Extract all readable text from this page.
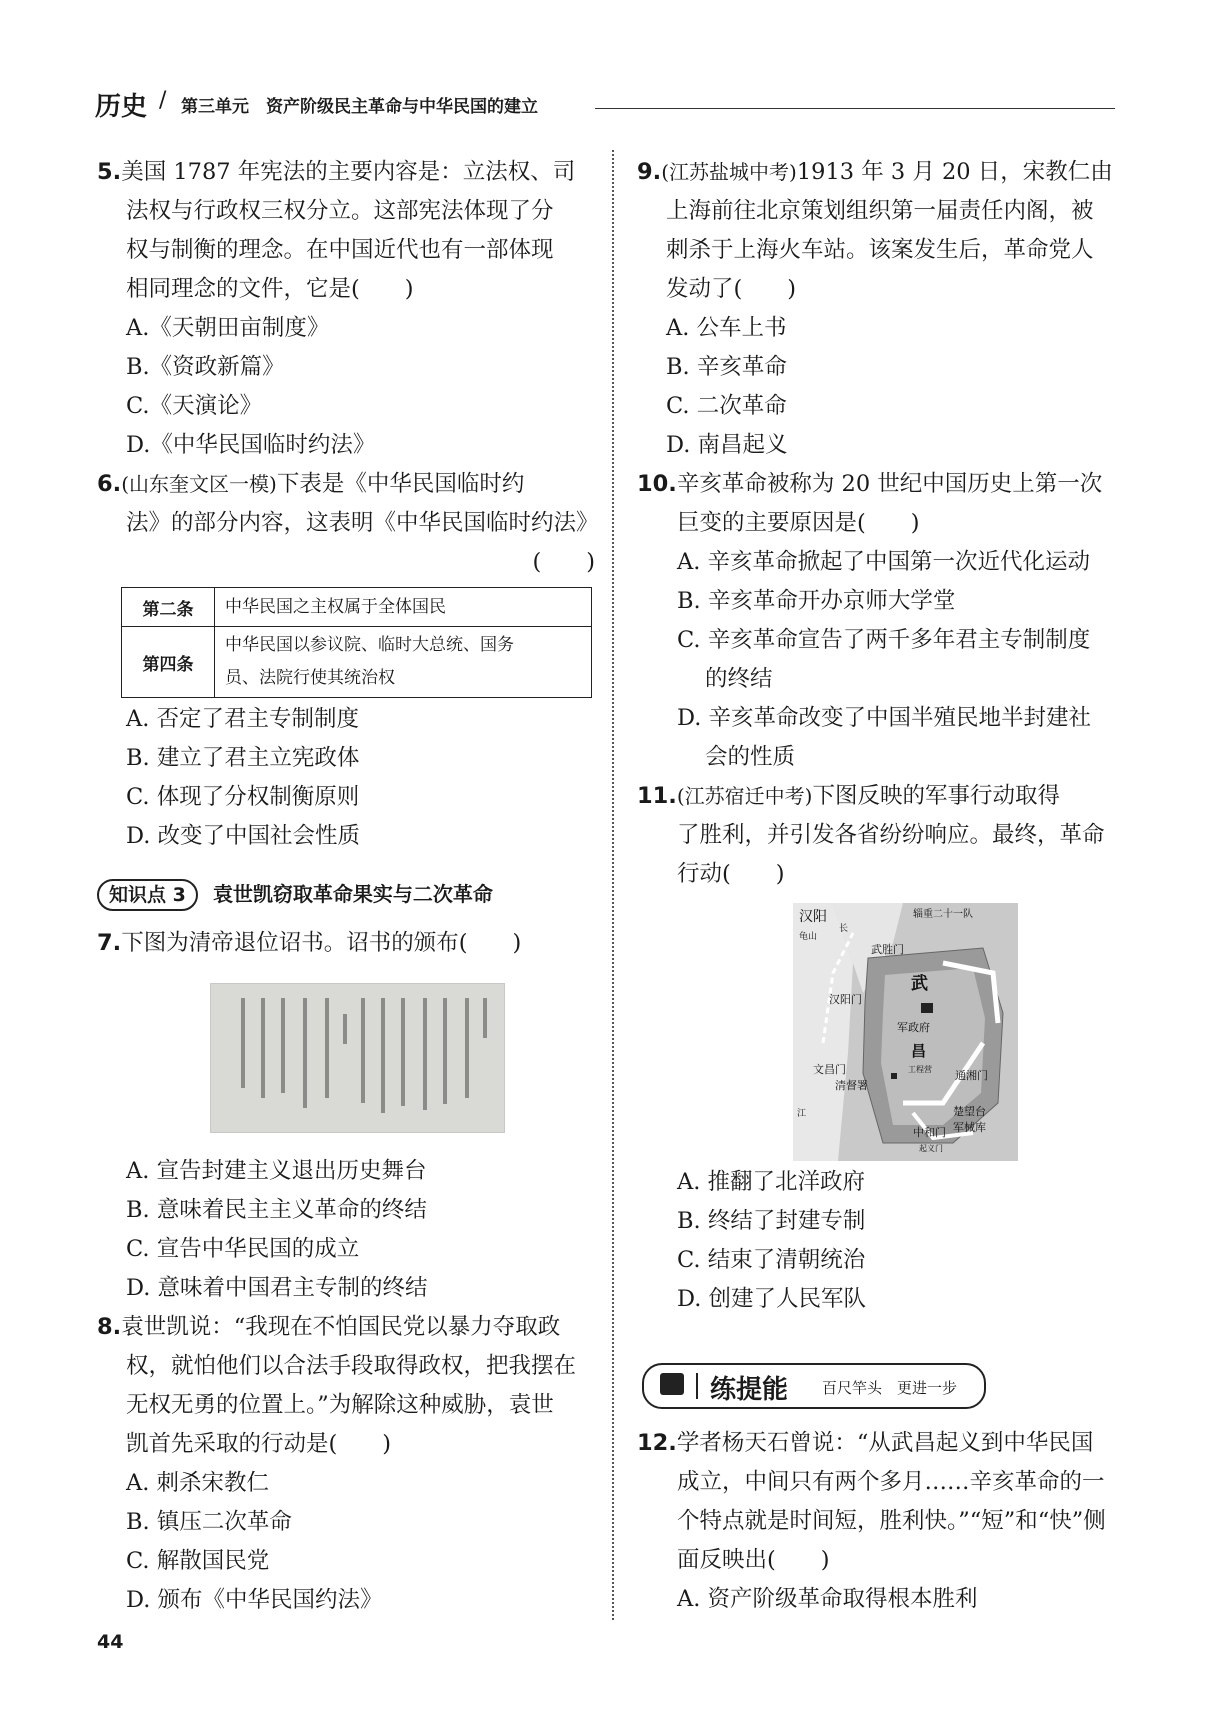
历史 / 第三单元　资产阶级民主革命与中华民国的建立
5.美国 1787 年宪法的主要内容是：立法权、司
法权与行政权三权分立。这部宪法体现了分
权与制衡的理念。在中国近代也有一部体现
相同理念的文件，它是(　　)
A.《天朝田亩制度》
B.《资政新篇》
C.《天演论》
D.《中华民国临时约法》
6.(山东奎文区一模)下表是《中华民国临时约
法》的部分内容，这表明《中华民国临时约法》
(　　)
第二条	中华民国之主权属于全体国民
第四条	中华民国以参议院、临时大总统、国务
员、法院行使其统治权
A. 否定了君主专制制度
B. 建立了君主立宪政体
C. 体现了分权制衡原则
D. 改变了中国社会性质
知识点 3 袁世凯窃取革命果实与二次革命
7.下图为清帝退位诏书。诏书的颁布(　　)
A. 宣告封建主义退出历史舞台
B. 意味着民主主义革命的终结
C. 宣告中华民国的成立
D. 意味着中国君主专制的终结
8.袁世凯说：“我现在不怕国民党以暴力夺取政
权，就怕他们以合法手段取得政权，把我摆在
无权无勇的位置上。”为解除这种威胁，袁世
凯首先采取的行动是(　　)
A. 刺杀宋教仁
B. 镇压二次革命
C. 解散国民党
D. 颁布《中华民国约法》
9.(江苏盐城中考)1913 年 3 月 20 日，宋教仁由
上海前往北京策划组织第一届责任内阁，被
刺杀于上海火车站。该案发生后，革命党人
发动了(　　)
A. 公车上书
B. 辛亥革命
C. 二次革命
D. 南昌起义
10.辛亥革命被称为 20 世纪中国历史上第一次
巨变的主要原因是(　　)
A. 辛亥革命掀起了中国第一次近代化运动
B. 辛亥革命开办京师大学堂
C. 辛亥革命宣告了两千多年君主专制制度
的终结
D. 辛亥革命改变了中国半殖民地半封建社
会的性质
11.(江苏宿迁中考)下图反映的军事行动取得
了胜利，并引发各省纷纷响应。最终，革命
行动(　　)
汉阳
龟山
长
辎重二十一队
武胜门
武
汉阳门
军政府
昌
文昌门	工程营
清督署
通湘门
江	楚望台
军械库
中和门
起义门
A. 推翻了北洋政府
B. 终结了封建专制
C. 结束了清朝统治
D. 创建了人民军队
练提能 百尺竿头　更进一步
12.学者杨天石曾说：“从武昌起义到中华民国
成立，中间只有两个多月……辛亥革命的一
个特点就是时间短，胜利快。”“短”和“快”侧
面反映出(　　)
A. 资产阶级革命取得根本胜利
44
